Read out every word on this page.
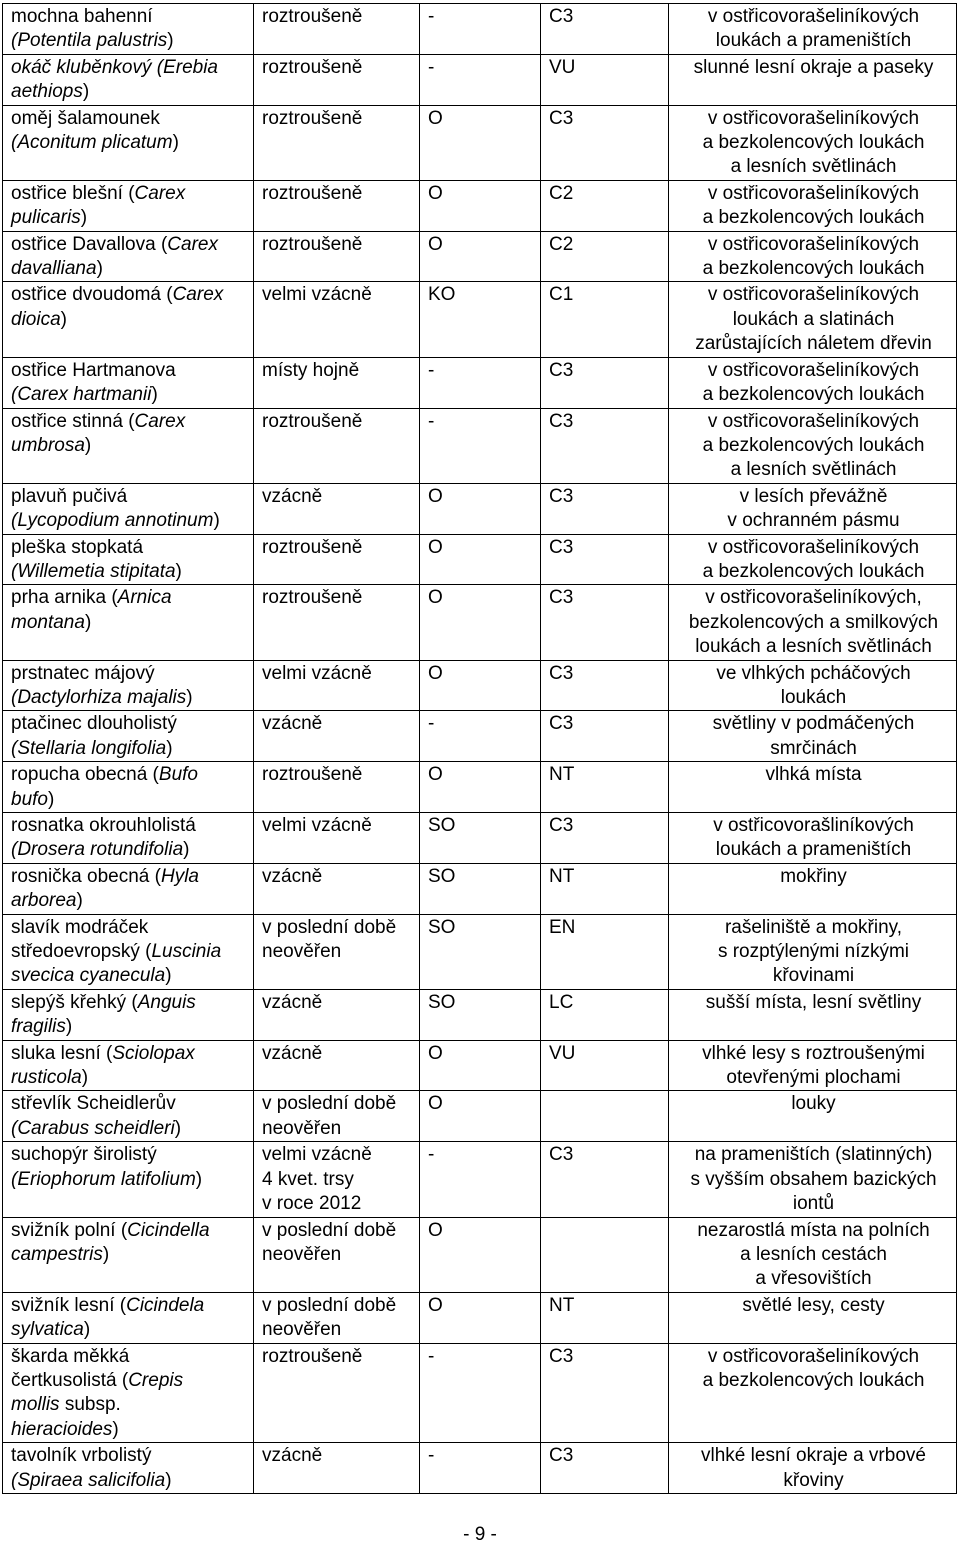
mochna bahenní
(Potentila palustris)	roztroušeně	-	C3	v ostřicovorašeliníkových
loukách a prameništích

okáč kluběnkový (Erebia
aethiops)	roztroušeně	-	VU	slunné lesní okraje a paseky

oměj šalamounek
(Aconitum plicatum)	roztroušeně	O	C3	v ostřicovorašeliníkových
a bezkolencových loukách
a lesních světlinách

ostřice blešní (Carex
pulicaris)	roztroušeně	O	C2	v ostřicovorašeliníkových
a bezkolencových loukách

ostřice Davallova (Carex
davalliana)	roztroušeně	O	C2	v ostřicovorašeliníkových
a bezkolencových loukách

ostřice dvoudomá (Carex
dioica)	velmi vzácně	KO	C1	v ostřicovorašeliníkových
loukách a slatinách
zarůstajících náletem dřevin

ostřice Hartmanova
(Carex hartmanii)	místy hojně	-	C3	v ostřicovorašeliníkových
a bezkolencových loukách

ostřice stinná (Carex
umbrosa)	roztroušeně	-	C3	v ostřicovorašeliníkových
a bezkolencových loukách
a lesních světlinách

plavuň pučivá
(Lycopodium annotinum)	vzácně	O	C3	v lesích převážně
v ochranném pásmu

pleška stopkatá
(Willemetia stipitata)	roztroušeně	O	C3	v ostřicovorašeliníkových
a bezkolencových loukách

prha arnika (Arnica
montana)	roztroušeně	O	C3	v ostřicovorašeliníkových,
bezkolencových a smilkových
loukách a lesních světlinách

prstnatec májový
(Dactylorhiza majalis)	velmi vzácně	O	C3	ve vlhkých pcháčových
loukách

ptačinec dlouholistý
(Stellaria longifolia)	vzácně	-	C3	světliny v podmáčených
smrčinách

ropucha obecná (Bufo
bufo)	roztroušeně	O	NT	vlhká místa

rosnatka okrouhlolistá
(Drosera rotundifolia)	velmi vzácně	SO	C3	v ostřicovorašliníkových
loukách a prameništích

rosnička obecná (Hyla
arborea)	vzácně	SO	NT	mokřiny

slavík modráček
středoevropský (Luscinia
svecica cyanecula)	v poslední době
neověřen	SO	EN	rašeliniště a mokřiny,
s rozptýlenými nízkými
křovinami

slepýš křehký (Anguis
fragilis)	vzácně	SO	LC	sušší místa, lesní světliny

sluka lesní (Sciolopax
rusticola)	vzácně	O	VU	vlhké lesy s roztroušenými
otevřenými plochami

střevlík Scheidlerův
(Carabus scheidleri)	v poslední době
neověřen	O		louky

suchopýr širolistý
(Eriophorum latifolium)	velmi vzácně
4 kvet. trsy
v roce 2012	-	C3	na prameništích (slatinných)
s vyšším obsahem bazických
iontů

svižník polní (Cicindella
campestris)	v poslední době
neověřen	O		nezarostlá místa na polních
a lesních cestách
a vřesovištích

svižník lesní (Cicindela
sylvatica)	v poslední době
neověřen	O	NT	světlé lesy, cesty

škarda měkká
čertkusolistá (Crepis
mollis subsp.
hieracioides)	roztroušeně	-	C3	v ostřicovorašeliníkových
a bezkolencových loukách

tavolník vrbolistý
(Spiraea salicifolia)	vzácně	-	C3	vlhké lesní okraje a vrbové
křoviny
- 9 -
